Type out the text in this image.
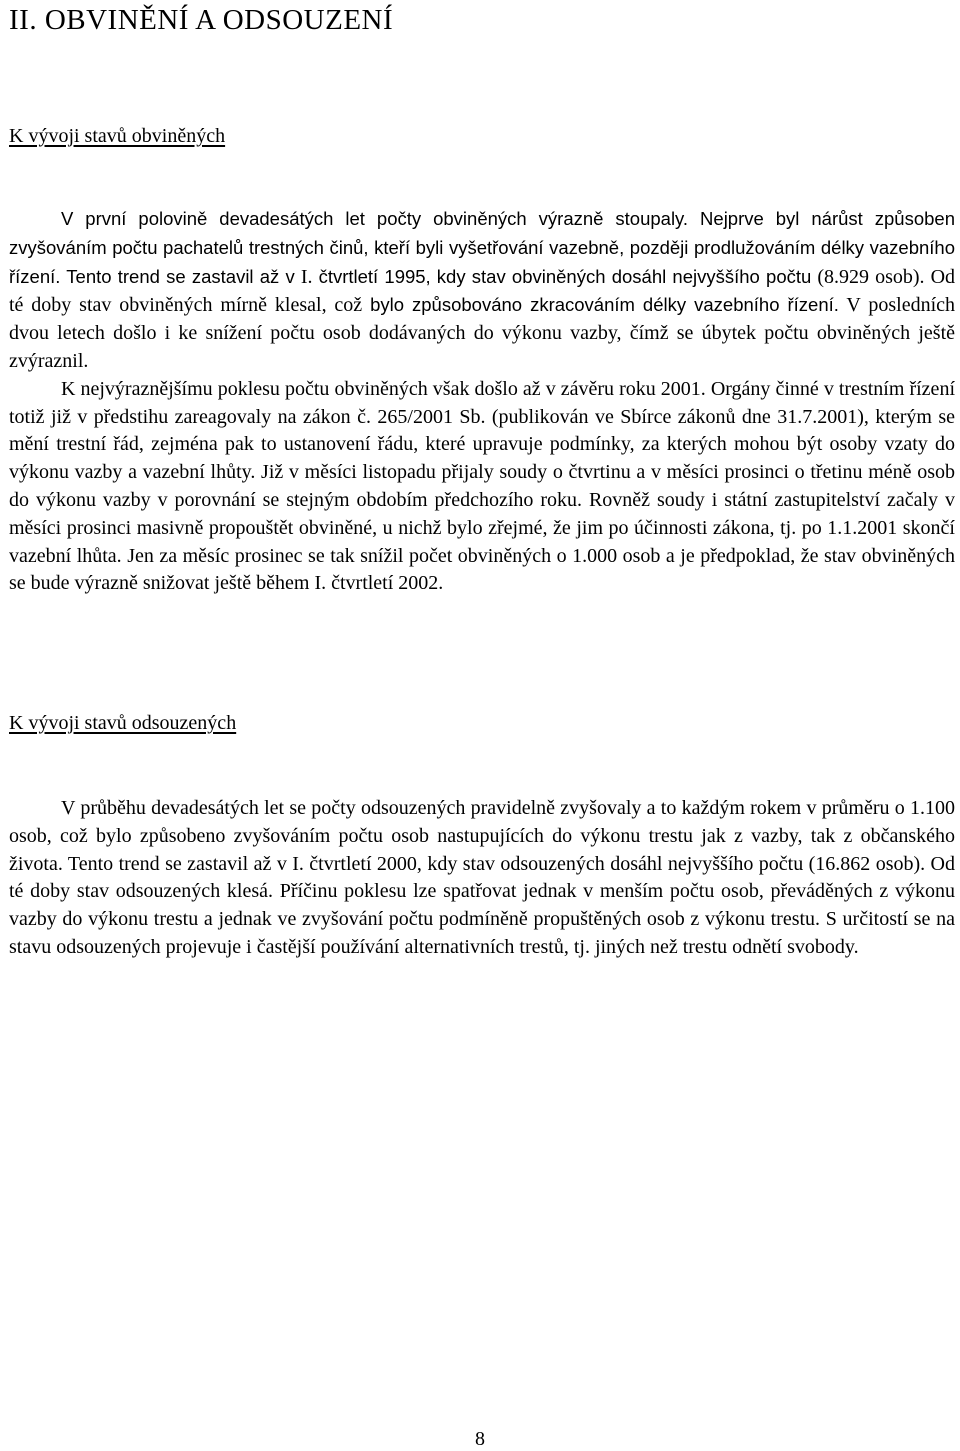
II. OBVINĚNÍ A ODSOUZENÍ
K vývoji stavů obviněných

V první polovině devadesátých let počty obviněných výrazně stoupaly. Nejprve byl nárůst způsoben zvyšováním počtu pachatelů trestných činů, kteří byli vyšetřování vazebně, později prodlužováním délky vazebního řízení. Tento trend se zastavil až v I. čtvrtletí 1995, kdy stav obviněných dosáhl nejvyššího počtu (8.929 osob). Od té doby stav obviněných mírně klesal, což bylo způsobováno zkracováním délky vazebního řízení. V posledních dvou letech došlo i ke snížení počtu osob dodávaných do výkonu vazby, čímž se úbytek počtu obviněných ještě zvýraznil.

K nejvýraznějšímu poklesu počtu obviněných však došlo až v závěru roku 2001. Orgány činné v trestním řízení totiž již v předstihu zareagovaly na zákon č. 265/2001 Sb. (publikován ve Sbírce zákonů dne 31.7.2001), kterým se mění trestní řád, zejména pak to ustanovení řádu, které upravuje podmínky, za kterých mohou být osoby vzaty do výkonu vazby a vazební lhůty. Již v měsíci listopadu přijaly soudy o čtvrtinu a v měsíci prosinci o třetinu méně osob do výkonu vazby v porovnání se stejným obdobím předchozího roku. Rovněž soudy i státní zastupitelství začaly v měsíci prosinci masivně propouštět obviněné, u nichž bylo zřejmé, že jim po účinnosti zákona, tj. po 1.1.2001 skončí vazební lhůta. Jen za měsíc prosinec se tak snížil počet obviněných o 1.000 osob a je předpoklad, že stav obviněných se bude výrazně snižovat ještě během I. čtvrtletí 2002.

K vývoji stavů odsouzených

V průběhu devadesátých let se počty odsouzených pravidelně zvyšovaly a to každým rokem v průměru o 1.100 osob, což bylo způsobeno zvyšováním počtu osob nastupujících do výkonu trestu jak z vazby, tak z občanského života. Tento trend se zastavil až v I. čtvrtletí 2000, kdy stav odsouzených dosáhl nejvyššího počtu (16.862 osob). Od té doby stav odsouzených klesá. Příčinu poklesu lze spatřovat jednak v menším počtu osob, převáděných z výkonu vazby do výkonu trestu a jednak ve zvyšování počtu podmíněně propuštěných osob z výkonu trestu. S určitostí se na stavu odsouzených projevuje i častější používání alternativních trestů, tj. jiných než trestu odnětí svobody.

8
